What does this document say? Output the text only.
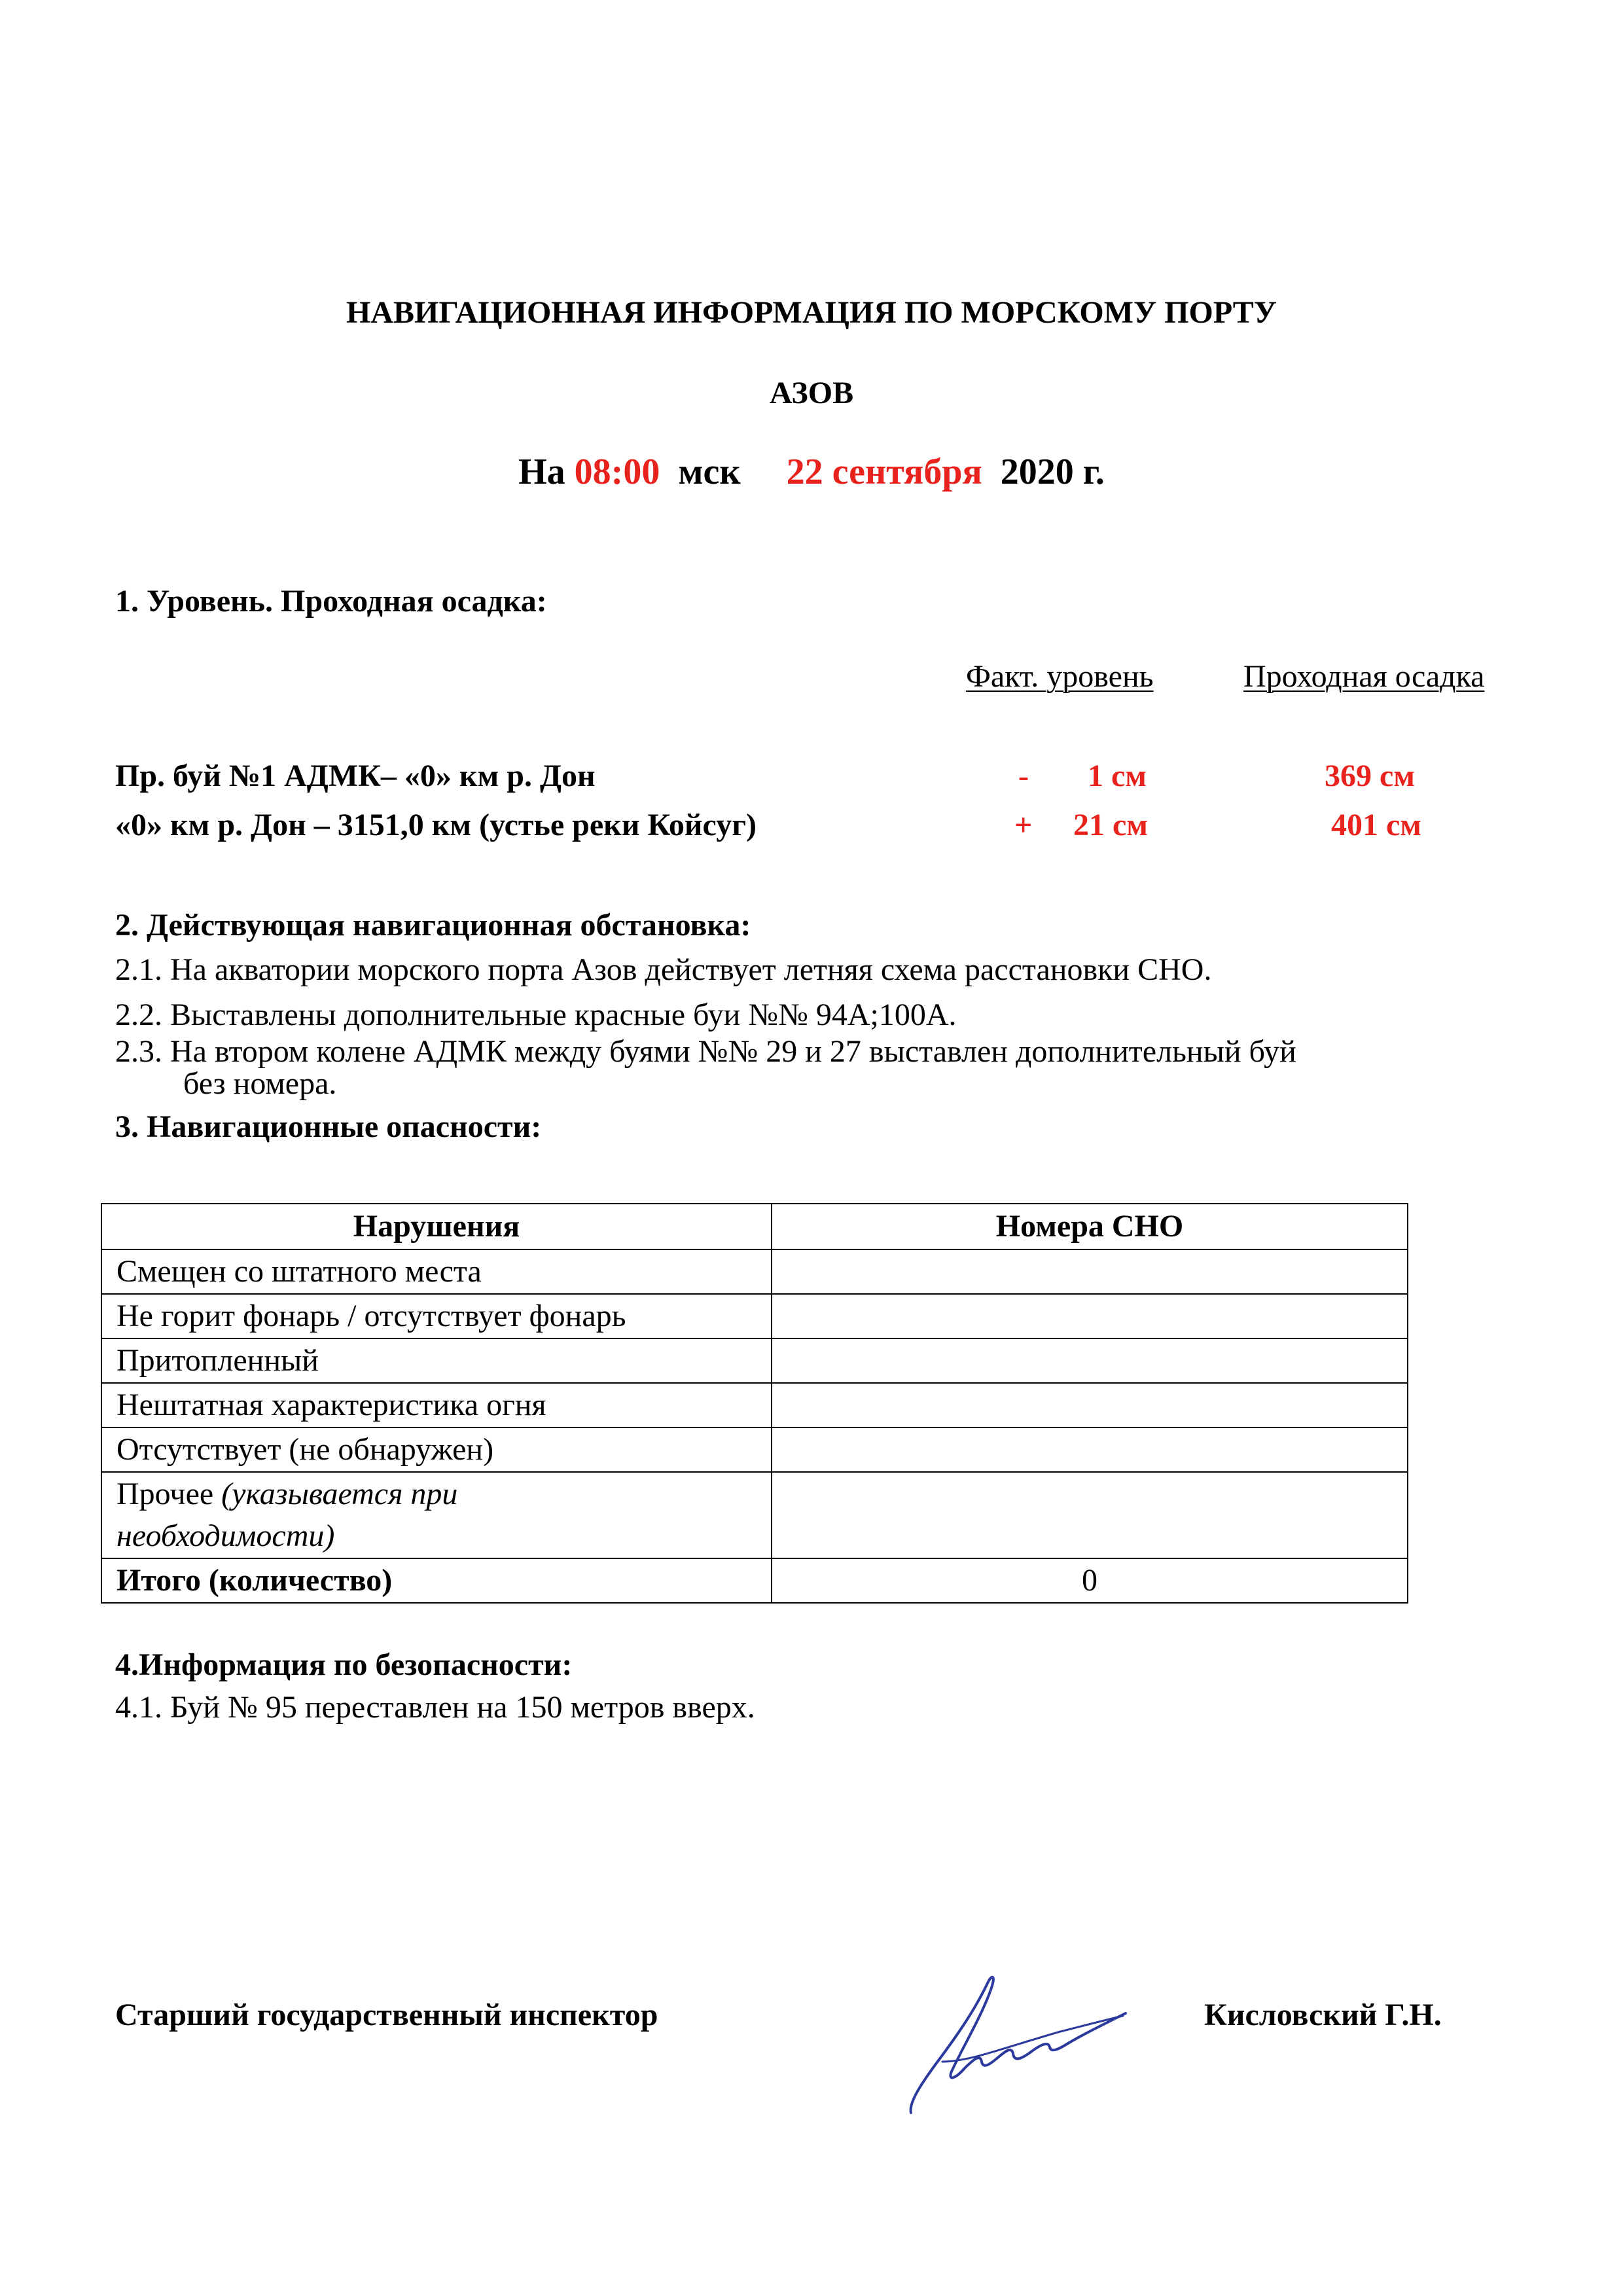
НАВИГАЦИОННАЯ ИНФОРМАЦИЯ ПО МОРСКОМУ ПОРТУ
АЗОВ
На 08:00 мск 22 сентября 2020 г.
1. Уровень. Проходная осадка:
Факт. уровень	Проходная осадка
Пр. буй №1 АДМК– «0» км р. Дон	- 1 см	369 см
«0» км р. Дон – 3151,0 км (устье реки Койсуг)	+ 21 см	401 см
2. Действующая навигационная обстановка:
2.1. На акватории морского порта Азов действует летняя схема расстановки СНО.
2.2. Выставлены дополнительные красные буи №№ 94А;100А.
2.3. На втором колене АДМК между буями №№ 29 и 27 выставлен дополнительный буй
без номера.
3. Навигационные опасности:
Нарушения	Номера СНО
Смещен со штатного места	
Не горит фонарь / отсутствует фонарь	
Притопленный	
Нештатная характеристика огня	
Отсутствует (не обнаружен)	
Прочее (указывается при
необходимости)	
Итого (количество)	0
4.Информация по безопасности:
4.1. Буй № 95 переставлен на 150 метров вверх.
Старший государственный инспектор	Кисловский Г.Н.
